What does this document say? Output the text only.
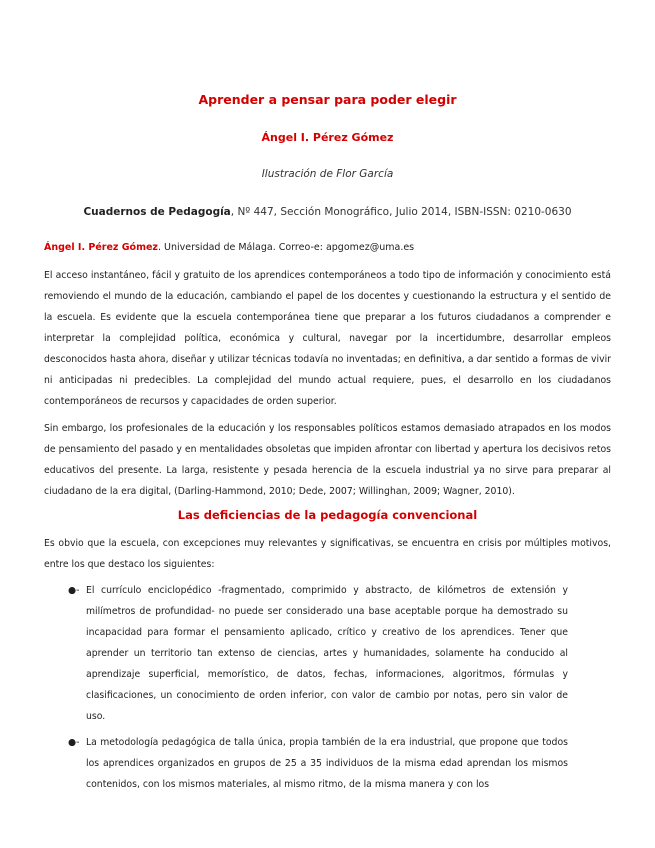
Aprender a pensar para poder elegir
Ángel I. Pérez Gómez
Ilustración de Flor García
Cuadernos de Pedagogía, Nº 447, Sección Monográfico, Julio 2014, ISBN-ISSN: 0210-0630
Ángel I. Pérez Gómez. Universidad de Málaga. Correo-e: apgomez@uma.es

El acceso instantáneo, fácil y gratuito de los aprendices contemporáneos a todo tipo de información y conocimiento está removiendo el mundo de la educación, cambiando el papel de los docentes y cuestionando la estructura y el sentido de la escuela. Es evidente que la escuela contemporánea tiene que preparar a los futuros ciudadanos a comprender e interpretar la complejidad política, económica y cultural, navegar por la incertidumbre, desarrollar empleos desconocidos hasta ahora, diseñar y utilizar técnicas todavía no inventadas; en definitiva, a dar sentido a formas de vivir ni anticipadas ni predecibles. La complejidad del mundo actual requiere, pues, el desarrollo en los ciudadanos contemporáneos de recursos y capacidades de orden superior.

Sin embargo, los profesionales de la educación y los responsables políticos estamos demasiado atrapados en los modos de pensamiento del pasado y en mentalidades obsoletas que impiden afrontar con libertad y apertura los decisivos retos educativos del presente. La larga, resistente y pesada herencia de la escuela industrial ya no sirve para preparar al ciudadano de la era digital, (Darling-Hammond, 2010; Dede, 2007; Willinghan, 2009; Wagner, 2010).

Las deficiencias de la pedagogía convencional

Es obvio que la escuela, con excepciones muy relevantes y significativas, se encuentra en crisis por múltiples motivos, entre los que destaco los siguientes:

●- El currículo enciclopédico -fragmentado, comprimido y abstracto, de kilómetros de extensión y milímetros de profundidad- no puede ser considerado una base aceptable porque ha demostrado su incapacidad para formar el pensamiento aplicado, crítico y creativo de los aprendices. Tener que aprender un territorio tan extenso de ciencias, artes y humanidades, solamente ha conducido al aprendizaje superficial, memorístico, de datos, fechas, informaciones, algoritmos, fórmulas y clasificaciones, un conocimiento de orden inferior, con valor de cambio por notas, pero sin valor de uso.
●- La metodología pedagógica de talla única, propia también de la era industrial, que propone que todos los aprendices organizados en grupos de 25 a 35 individuos de la misma edad aprendan los mismos contenidos, con los mismos materiales, al mismo ritmo, de la misma manera y con los
